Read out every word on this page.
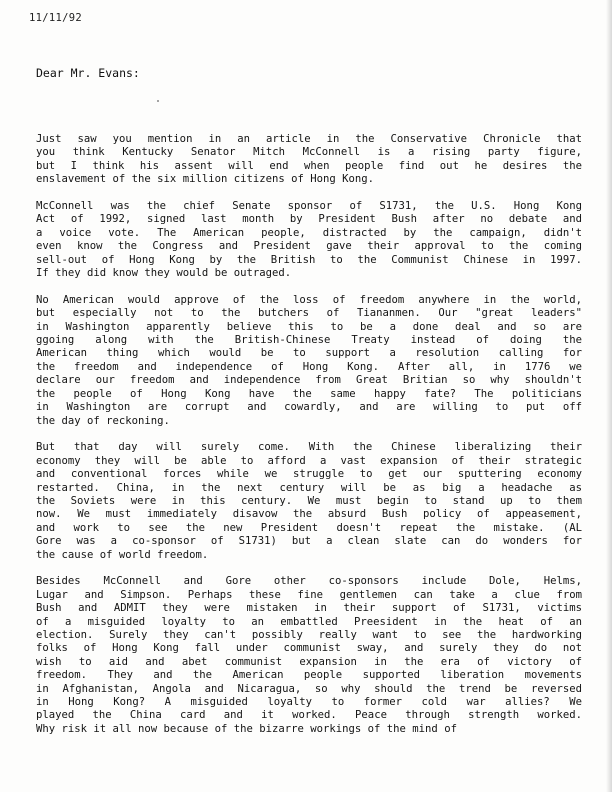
11/11/92
Dear Mr. Evans:
Just saw you mention in an article in the Conservative Chronicle that
you think Kentucky Senator Mitch McConnell is a rising party figure,
but I think his assent will end when people find out he desires the
enslavement of the six million citizens of Hong Kong.
McConnell was the chief Senate sponsor of S1731, the U.S. Hong Kong
Act of 1992, signed last month by President Bush after no debate and
a voice vote. The American people, distracted by the campaign, didn't
even know the Congress and President gave their approval to the coming
sell-out of Hong Kong by the British to the Communist Chinese in 1997.
If they did know they would be outraged.
No American would approve of the loss of freedom anywhere in the world,
but especially not to the butchers of Tiananmen. Our "great leaders"
in Washington apparently believe this to be a done deal and so are
ggoing along with the British-Chinese Treaty instead of doing the
American thing which would be to support a resolution calling for
the freedom and independence of Hong Kong. After all, in 1776 we
declare our freedom and independence from Great Britian so why shouldn't
the people of Hong Kong have the same happy fate? The politicians
in Washington are corrupt and cowardly, and are willing to put off
the day of reckoning.
But that day will surely come. With the Chinese liberalizing their
economy they will be able to afford a vast expansion of their strategic
and conventional forces while we struggle to get our sputtering economy
restarted. China, in the next century will be as big a headache as
the Soviets were in this century. We must begin to stand up to them
now. We must immediately disavow the absurd Bush policy of appeasement,
and work to see the new President doesn't repeat the mistake. (AL
Gore was a co-sponsor of S1731) but a clean slate can do wonders for
the cause of world freedom.
Besides McConnell and Gore other co-sponsors include Dole, Helms,
Lugar and Simpson. Perhaps these fine gentlemen can take a clue from
Bush and ADMIT they were mistaken in their support of S1731, victims
of a misguided loyalty to an embattled Preesident in the heat of an
election. Surely they can't possibly really want to see the hardworking
folks of Hong Kong fall under communist sway, and surely they do not
wish to aid and abet communist expansion in the era of victory of
freedom. They and the American people supported liberation movements
in Afghanistan, Angola and Nicaragua, so why should the trend be reversed
in Hong Kong? A misguided loyalty to former cold war allies? We
played the China card and it worked. Peace through strength worked.
Why risk it all now because of the bizarre workings of the mind of
